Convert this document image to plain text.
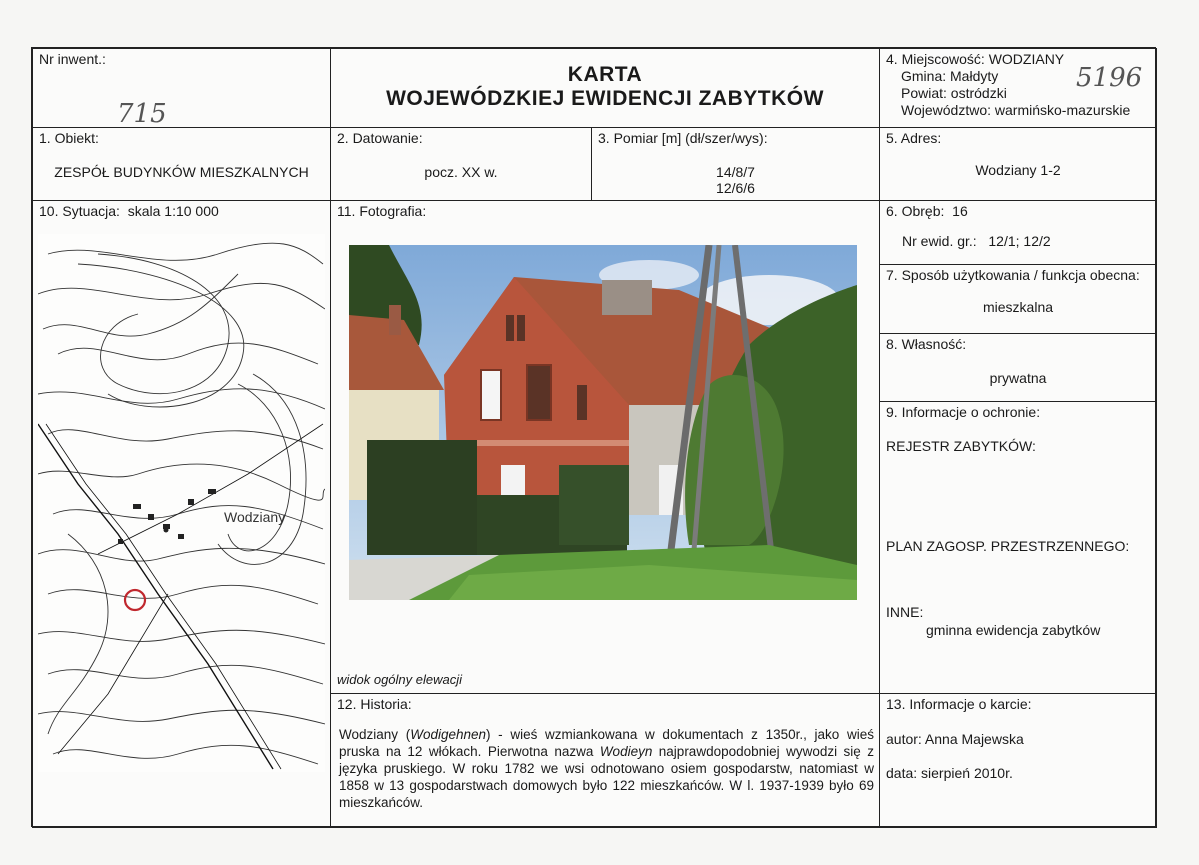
Nr inwent.:
715
KARTA
WOJEWÓDZKIEJ EWIDENCJI ZABYTKÓW
4. Miejscowość: WODZIANY
Gmina: Małdyty
Powiat: ostródzki
Województwo: warmińsko-mazurskie
5196
1. Obiekt:
ZESPÓŁ BUDYNKÓW MIESZKALNYCH
2. Datowanie:
pocz. XX w.
3. Pomiar [m] (dł/szer/wys):
14/8/7
12/6/6
5. Adres:
Wodziany 1-2
10. Sytuacja: skala 1:10 000
Wodziany
11. Fotografia:
widok ogólny elewacji
6. Obręb: 16
Nr ewid. gr.: 12/1; 12/2
7. Sposób użytkowania / funkcja obecna:
mieszkalna
8. Własność:
prywatna
9. Informacje o ochronie:
REJESTR ZABYTKÓW:
PLAN ZAGOSP. PRZESTRZENNEGO:
INNE:
gminna ewidencja zabytków
12. Historia:
Wodziany (Wodigehnen) - wieś wzmiankowana w dokumentach z 1350r., jako wieś pruska na 12 włókach. Pierwotna nazwa Wodieyn najprawdopodobniej wywodzi się z języka pruskiego. W roku 1782 we wsi odnotowano osiem gospodarstw, natomiast w 1858 w 13 gospodarstwach domowych było 122 mieszkańców. W l. 1937-1939 było 69 mieszkańców.
13. Informacje o karcie:
autor: Anna Majewska
data: sierpień 2010r.
